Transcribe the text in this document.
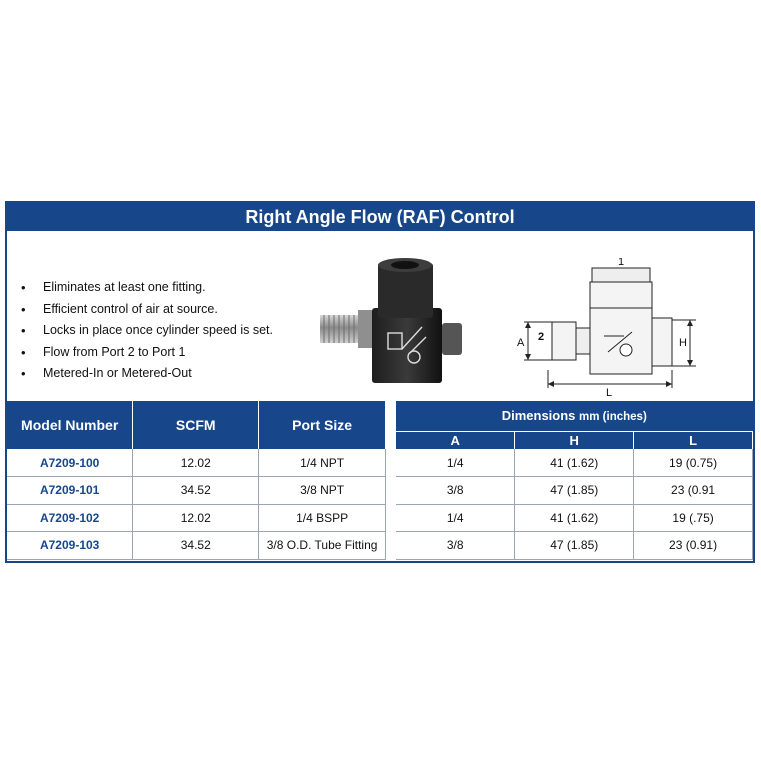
Right Angle Flow (RAF) Control
• Eliminates at least one fitting.
• Efficient control of air at source.
• Locks in place once cylinder speed is set.
• Flow from Port 2 to Port 1
• Metered-In or Metered-Out
1
2
A	H
L
Model Number	SCFM	Port Size
A7209-100	12.02	1/4 NPT
A7209-101	34.52	3/8 NPT
A7209-102	12.02	1/4 BSPP
A7209-103	34.52	3/8 O.D. Tube Fitting
Dimensions mm (inches)		
A	H	L
1/4	41 (1.62)	19 (0.75)
3/8	47 (1.85)	23 (0.91
1/4	41 (1.62)	19 (.75)
3/8	47 (1.85)	23 (0.91)
